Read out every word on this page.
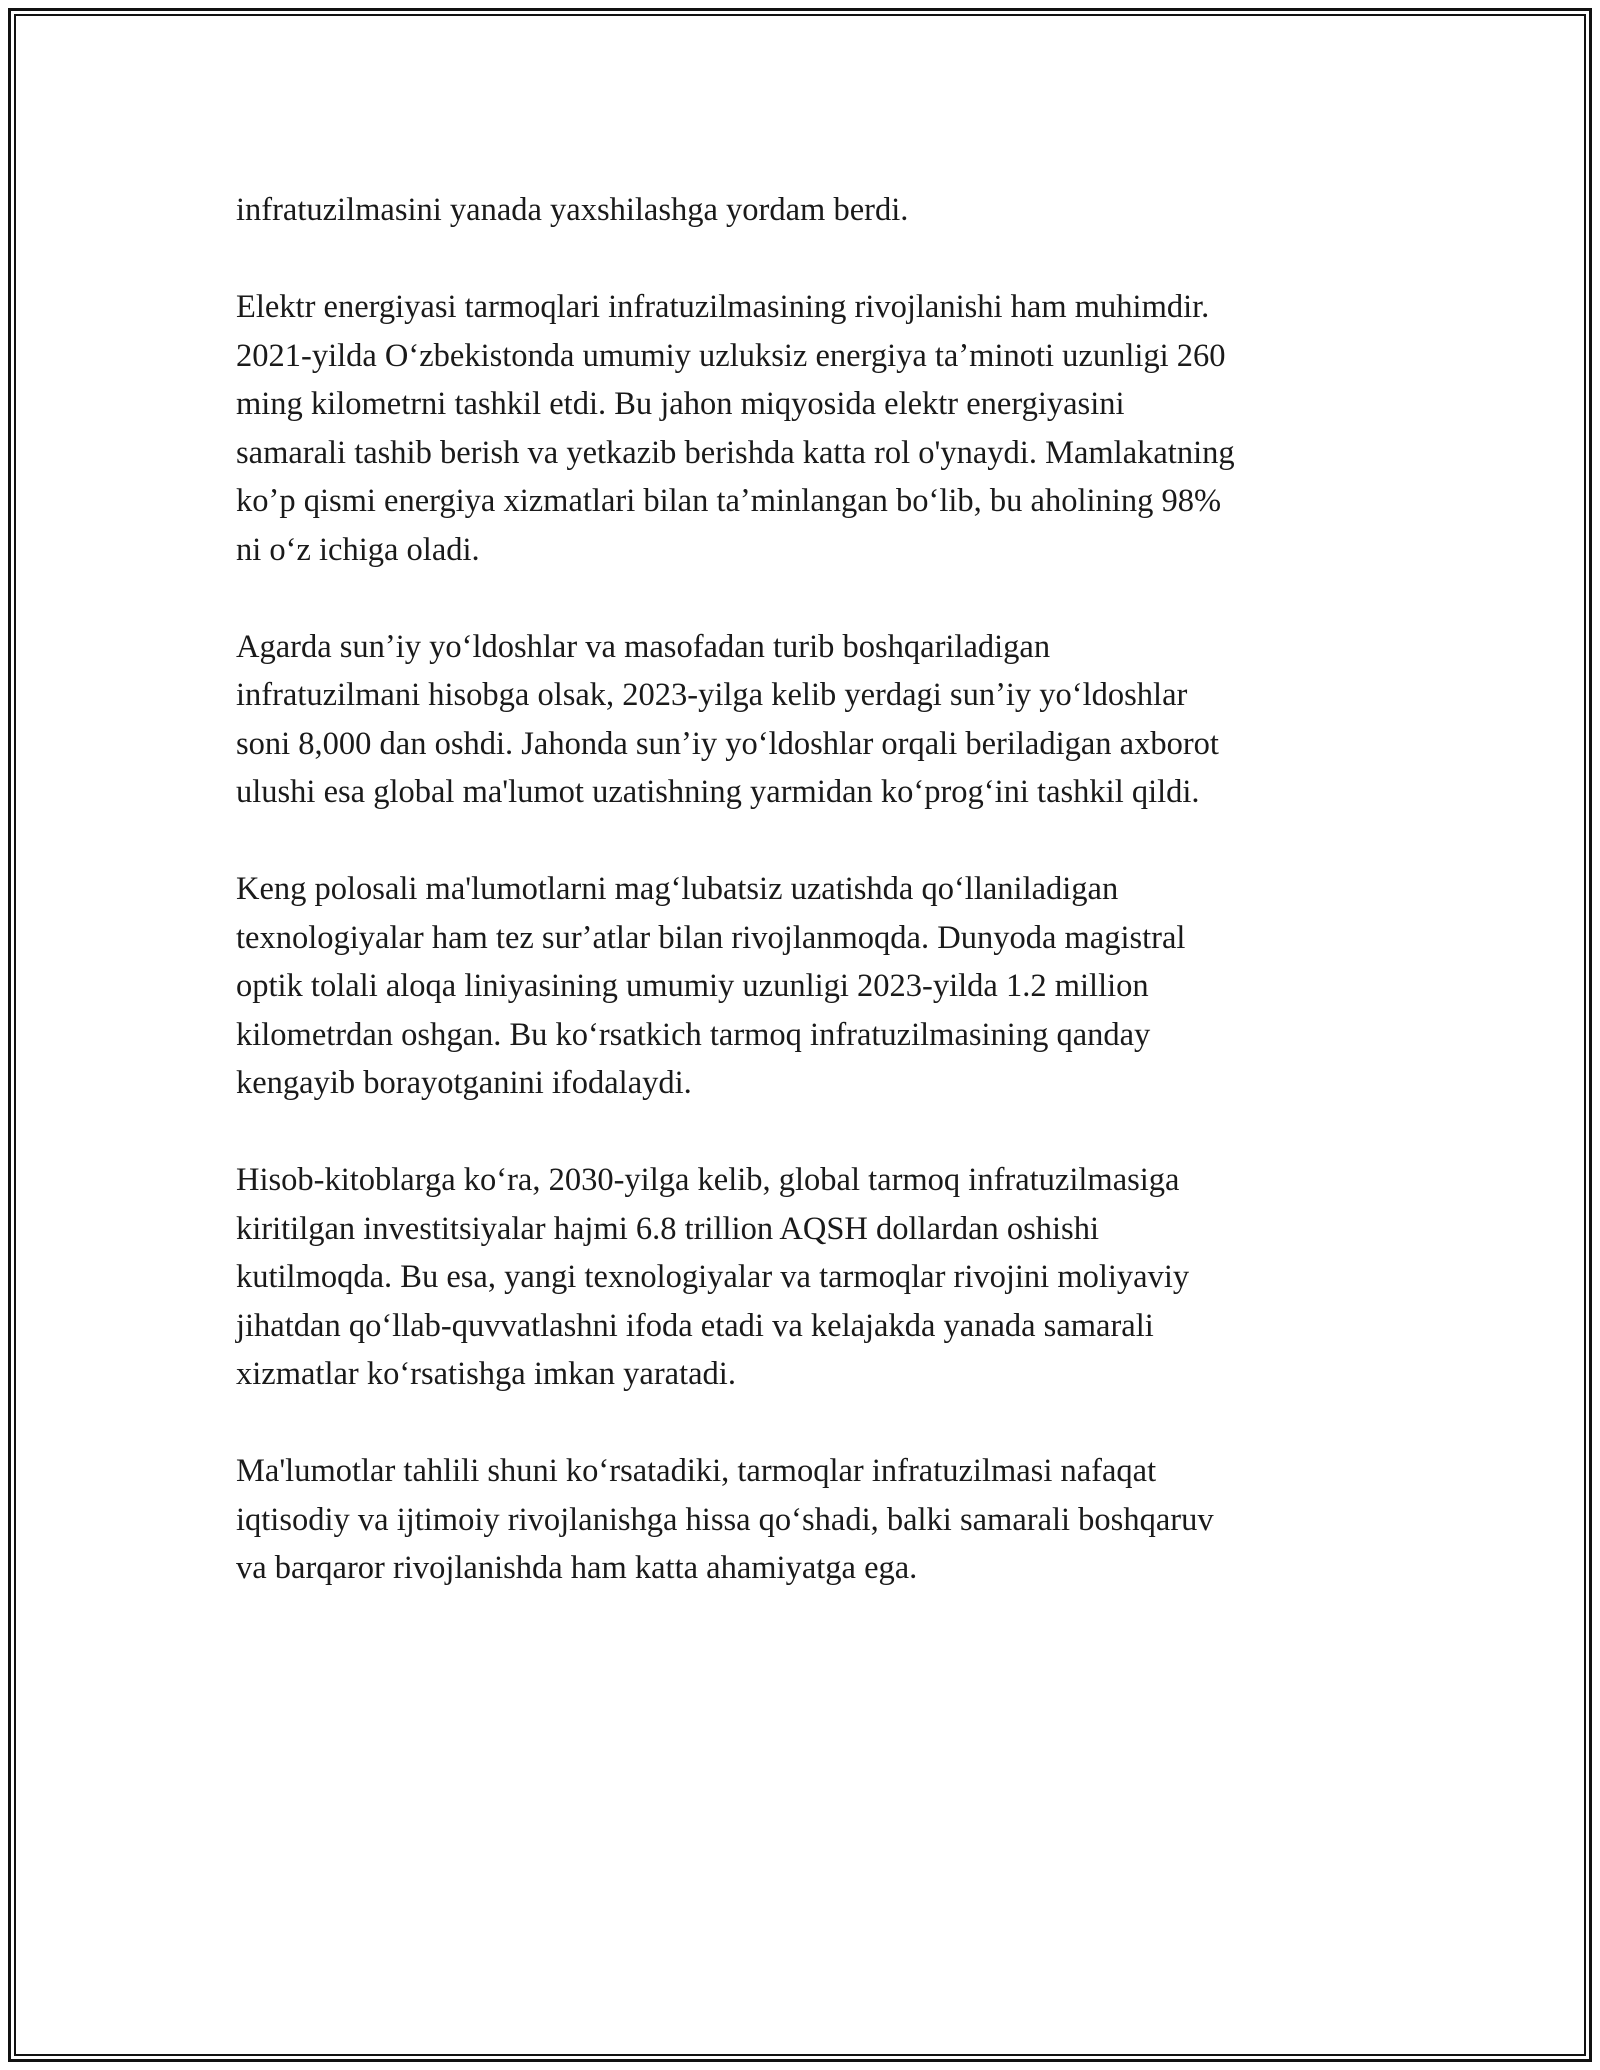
infratuzilmasini yanada yaxshilashga yordam berdi.

Elektr energiyasi tarmoqlari infratuzilmasining rivojlanishi ham muhimdir.
2021-yilda Oʻzbekistonda umumiy uzluksiz energiya taʼminoti uzunligi 260
ming kilometrni tashkil etdi. Bu jahon miqyosida elektr energiyasini
samarali tashib berish va yetkazib berishda katta rol o'ynaydi. Mamlakatning
koʼp qismi energiya xizmatlari bilan taʼminlangan boʻlib, bu aholining 98%
ni oʻz ichiga oladi.

Agarda sunʼiy yoʻldoshlar va masofadan turib boshqariladigan
infratuzilmani hisobga olsak, 2023-yilga kelib yerdagi sunʼiy yoʻldoshlar
soni 8,000 dan oshdi. Jahonda sunʼiy yoʻldoshlar orqali beriladigan axborot
ulushi esa global ma'lumot uzatishning yarmidan koʻprogʻini tashkil qildi.

Keng polosali ma'lumotlarni magʻlubatsiz uzatishda qoʻllaniladigan
texnologiyalar ham tez surʼatlar bilan rivojlanmoqda. Dunyoda magistral
optik tolali aloqa liniyasining umumiy uzunligi 2023-yilda 1.2 million
kilometrdan oshgan. Bu koʻrsatkich tarmoq infratuzilmasining qanday
kengayib borayotganini ifodalaydi.

Hisob-kitoblarga koʻra, 2030-yilga kelib, global tarmoq infratuzilmasiga
kiritilgan investitsiyalar hajmi 6.8 trillion AQSH dollardan oshishi
kutilmoqda. Bu esa, yangi texnologiyalar va tarmoqlar rivojini moliyaviy
jihatdan qoʻllab-quvvatlashni ifoda etadi va kelajakda yanada samarali
xizmatlar koʻrsatishga imkan yaratadi.

Ma'lumotlar tahlili shuni koʻrsatadiki, tarmoqlar infratuzilmasi nafaqat
iqtisodiy va ijtimoiy rivojlanishga hissa qoʻshadi, balki samarali boshqaruv
va barqaror rivojlanishda ham katta ahamiyatga ega.
